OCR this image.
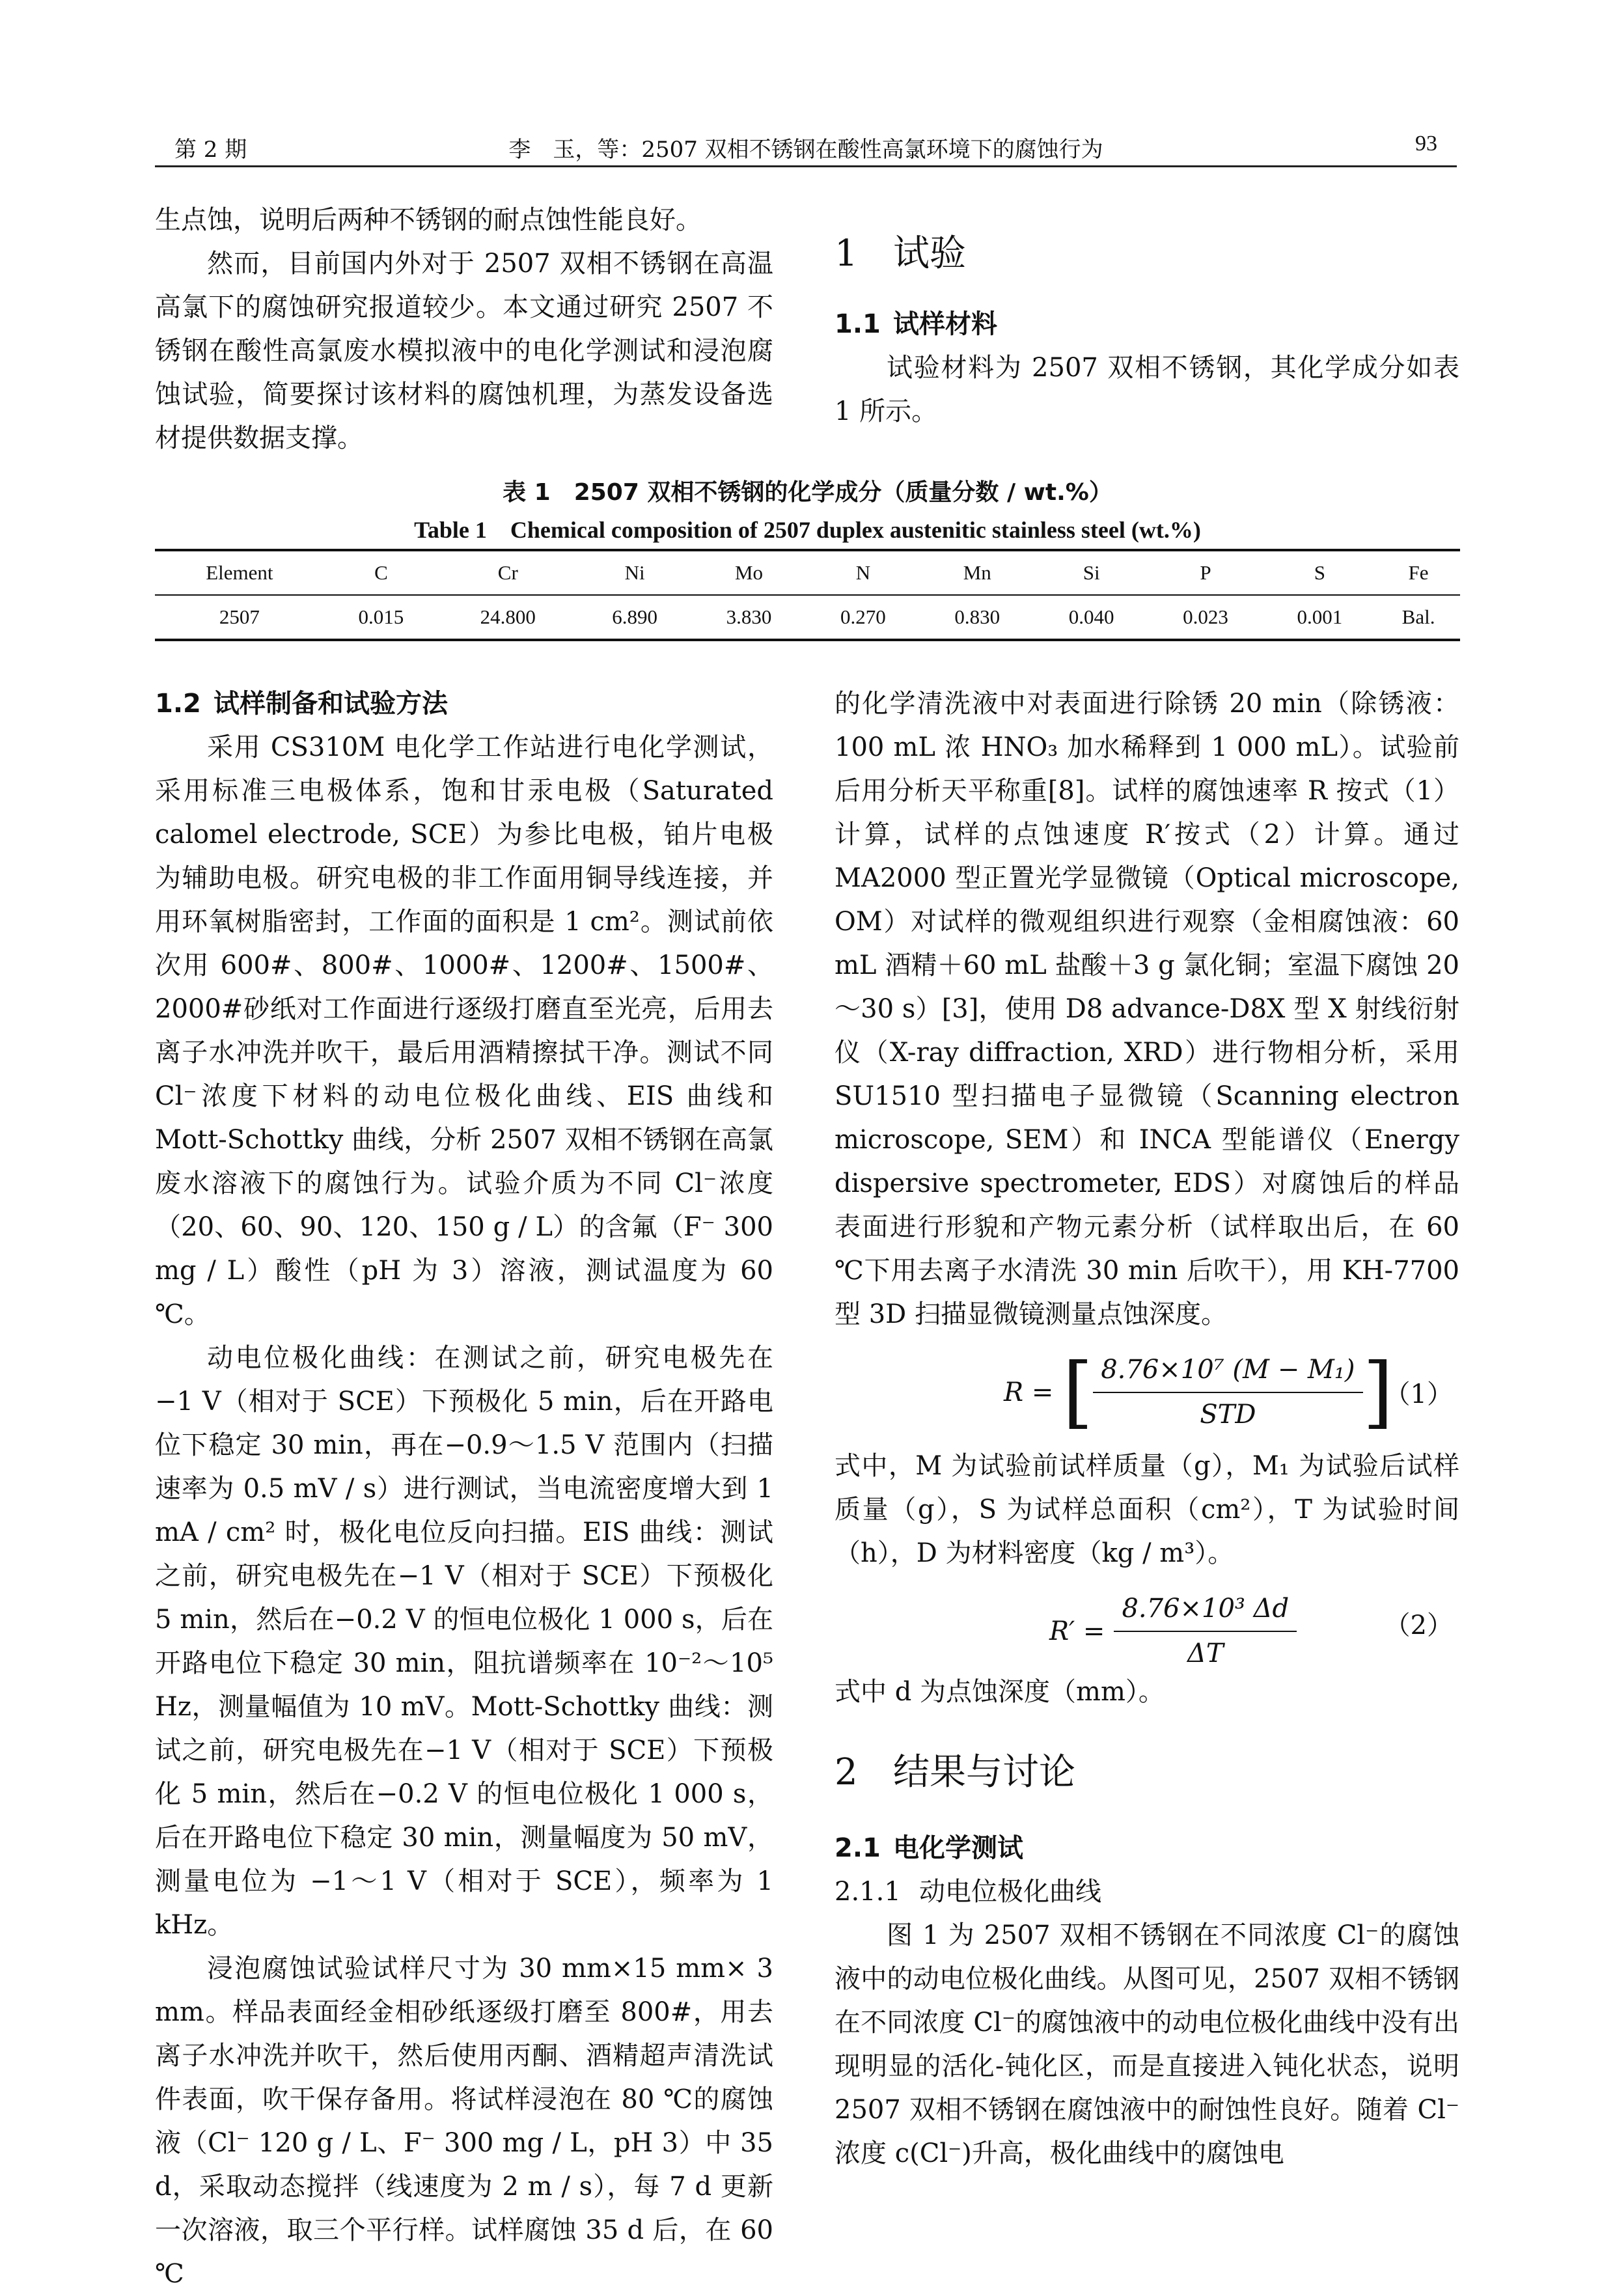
第 2 期	李　玉，等：2507 双相不锈钢在酸性高氯环境下的腐蚀行为	93

生点蚀，说明后两种不锈钢的耐点蚀性能良好。

然而，目前国内外对于 2507 双相不锈钢在高温高氯下的腐蚀研究报道较少。本文通过研究 2507 不锈钢在酸性高氯废水模拟液中的电化学测试和浸泡腐蚀试验，简要探讨该材料的腐蚀机理，为蒸发设备选材提供数据支撑。

1 试验
1.1 试样材料

试验材料为 2507 双相不锈钢，其化学成分如表 1 所示。

表 1　2507 双相不锈钢的化学成分（质量分数 / wt.%）
Table 1　Chemical composition of 2507 duplex austenitic stainless steel (wt.%)
Element	C	Cr	Ni	Mo	N	Mn	Si	P	S	Fe
2507	0.015	24.800	6.890	3.830	0.270	0.830	0.040	0.023	0.001	Bal.
1.2 试样制备和试验方法

采用 CS310M 电化学工作站进行电化学测试，采用标准三电极体系，饱和甘汞电极（Saturated calomel electrode, SCE）为参比电极，铂片电极为辅助电极。研究电极的非工作面用铜导线连接，并用环氧树脂密封，工作面的面积是 1 cm²。测试前依次用 600#、800#、1000#、1200#、1500#、2000#砂纸对工作面进行逐级打磨直至光亮，后用去离子水冲洗并吹干，最后用酒精擦拭干净。测试不同 Cl⁻浓度下材料的动电位极化曲线、EIS 曲线和 Mott-Schottky 曲线，分析 2507 双相不锈钢在高氯废水溶液下的腐蚀行为。试验介质为不同 Cl⁻浓度（20、60、90、120、150 g / L）的含氟（F⁻ 300 mg / L）酸性（pH 为 3）溶液，测试温度为 60 ℃。

动电位极化曲线：在测试之前，研究电极先在 −1 V（相对于 SCE）下预极化 5 min，后在开路电位下稳定 30 min，再在−0.9～1.5 V 范围内（扫描速率为 0.5 mV / s）进行测试，当电流密度增大到 1 mA / cm² 时，极化电位反向扫描。EIS 曲线：测试之前，研究电极先在−1 V（相对于 SCE）下预极化 5 min，然后在−0.2 V 的恒电位极化 1 000 s，后在开路电位下稳定 30 min，阻抗谱频率在 10⁻²～10⁵ Hz，测量幅值为 10 mV。Mott-Schottky 曲线：测试之前，研究电极先在−1 V（相对于 SCE）下预极化 5 min，然后在−0.2 V 的恒电位极化 1 000 s，后在开路电位下稳定 30 min，测量幅度为 50 mV，测量电位为 −1～1 V（相对于 SCE），频率为 1 kHz。

浸泡腐蚀试验试样尺寸为 30 mm×15 mm× 3 mm。样品表面经金相砂纸逐级打磨至 800#，用去离子水冲洗并吹干，然后使用丙酮、酒精超声清洗试件表面，吹干保存备用。将试样浸泡在 80 ℃的腐蚀液（Cl⁻ 120 g / L、F⁻ 300 mg / L，pH 3）中 35 d，采取动态搅拌（线速度为 2 m / s），每 7 d 更新一次溶液，取三个平行样。试样腐蚀 35 d 后，在 60 ℃

的化学清洗液中对表面进行除锈 20 min（除锈液：100 mL 浓 HNO₃ 加水稀释到 1 000 mL）。试验前后用分析天平称重[8]。试样的腐蚀速率 R 按式（1）计算，试样的点蚀速度 R′按式（2）计算。通过 MA2000 型正置光学显微镜（Optical microscope, OM）对试样的微观组织进行观察（金相腐蚀液：60 mL 酒精＋60 mL 盐酸＋3 g 氯化铜；室温下腐蚀 20～30 s）[3]，使用 D8 advance-D8X 型 X 射线衍射仪（X-ray diffraction, XRD）进行物相分析，采用 SU1510 型扫描电子显微镜（Scanning electron microscope, SEM）和 INCA 型能谱仪（Energy dispersive spectrometer, EDS）对腐蚀后的样品表面进行形貌和产物元素分析（试样取出后，在 60 ℃下用去离子水清洗 30 min 后吹干），用 KH-7700 型 3D 扫描显微镜测量点蚀深度。

R = [ $\frac{\text{8.76×10⁷ (M − M₁)}}{\text{STD}}$ ]
（1）

式中，M 为试验前试样质量（g），M₁ 为试验后试样质量（g），S 为试样总面积（cm²），T 为试验时间（h），D 为材料密度（kg / m³）。

$R' = \frac{\text{8.76×10³ Δd}}{\Delta T}$	（2）

式中 d 为点蚀深度（mm）。

2 结果与讨论
2.1 电化学测试
2.1.1 动电位极化曲线

图 1 为 2507 双相不锈钢在不同浓度 Cl⁻的腐蚀液中的动电位极化曲线。从图可见，2507 双相不锈钢在不同浓度 Cl⁻的腐蚀液中的动电位极化曲线中没有出现明显的活化-钝化区，而是直接进入钝化状态，说明 2507 双相不锈钢在腐蚀液中的耐蚀性良好。随着 Cl⁻浓度 c(Cl⁻)升高，极化曲线中的腐蚀电
